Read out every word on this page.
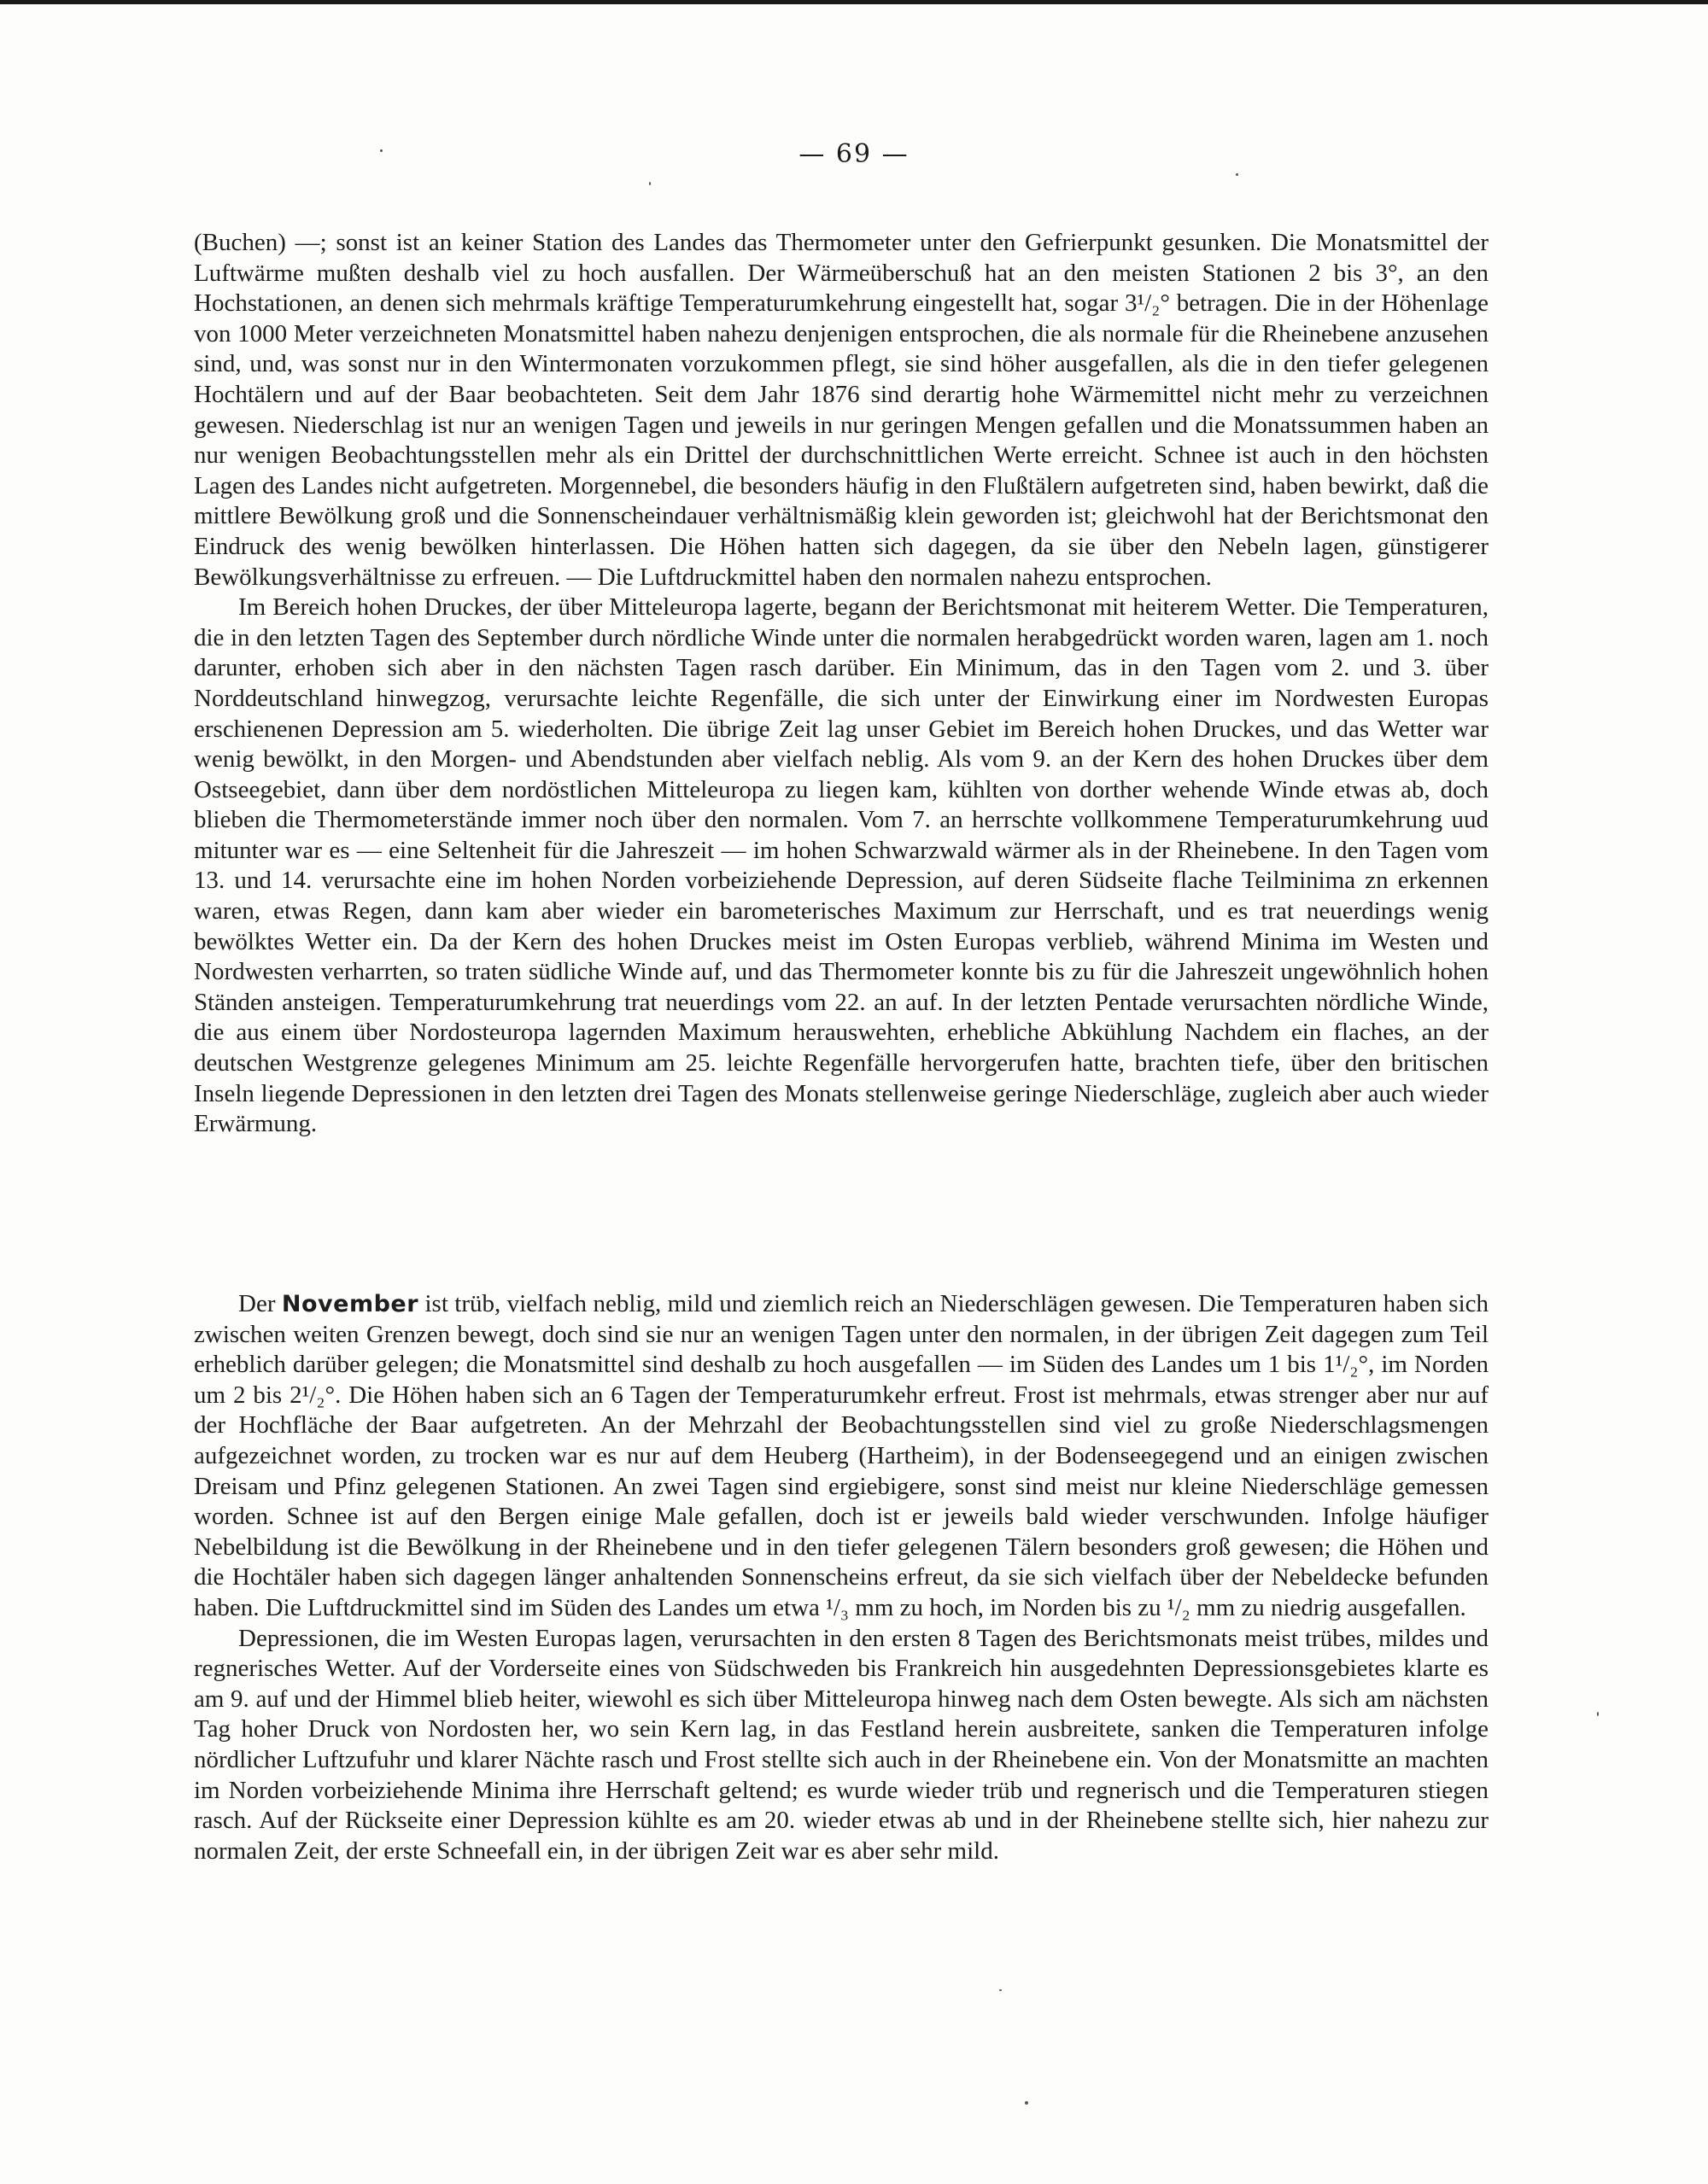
— 69 —

(Buchen) —; sonst ist an keiner Station des Landes das Thermometer unter den Gefrierpunkt gesunken. Die Monatsmittel der Luftwärme mußten deshalb viel zu hoch ausfallen. Der Wärmeüberschuß hat an den meisten Stationen 2 bis 3°, an den Hochstationen, an denen sich mehrmals kräftige Temperaturumkehrung eingestellt hat, sogar 3¹/₂° betragen. Die in der Höhenlage von 1000 Meter verzeichneten Monatsmittel haben nahezu denjenigen entsprochen, die als normale für die Rheinebene anzusehen sind, und, was sonst nur in den Wintermonaten vorzukommen pflegt, sie sind höher ausgefallen, als die in den tiefer gelegenen Hochtälern und auf der Baar beobachteten. Seit dem Jahr 1876 sind derartig hohe Wärmemittel nicht mehr zu verzeichnen gewesen. Niederschlag ist nur an wenigen Tagen und jeweils in nur geringen Mengen gefallen und die Monatssummen haben an nur wenigen Beobachtungsstellen mehr als ein Drittel der durchschnittlichen Werte erreicht. Schnee ist auch in den höchsten Lagen des Landes nicht aufgetreten. Morgennebel, die besonders häufig in den Flußtälern aufgetreten sind, haben bewirkt, daß die mittlere Bewölkung groß und die Sonnenscheindauer verhältnismäßig klein geworden ist; gleichwohl hat der Berichtsmonat den Eindruck des wenig bewölken hinterlassen. Die Höhen hatten sich dagegen, da sie über den Nebeln lagen, günstigerer Bewölkungsverhältnisse zu erfreuen. — Die Luftdruckmittel haben den normalen nahezu entsprochen.

Im Bereich hohen Druckes, der über Mitteleuropa lagerte, begann der Berichtsmonat mit heiterem Wetter. Die Temperaturen, die in den letzten Tagen des September durch nördliche Winde unter die normalen herabgedrückt worden waren, lagen am 1. noch darunter, erhoben sich aber in den nächsten Tagen rasch darüber. Ein Minimum, das in den Tagen vom 2. und 3. über Norddeutschland hinwegzog, verursachte leichte Regenfälle, die sich unter der Einwirkung einer im Nordwesten Europas erschienenen Depression am 5. wiederholten. Die übrige Zeit lag unser Gebiet im Bereich hohen Druckes, und das Wetter war wenig bewölkt, in den Morgen- und Abendstunden aber vielfach neblig. Als vom 9. an der Kern des hohen Druckes über dem Ostseegebiet, dann über dem nordöstlichen Mitteleuropa zu liegen kam, kühlten von dorther wehende Winde etwas ab, doch blieben die Thermometerstände immer noch über den normalen. Vom 7. an herrschte vollkommene Temperaturumkehrung uud mitunter war es — eine Seltenheit für die Jahreszeit — im hohen Schwarzwald wärmer als in der Rheinebene. In den Tagen vom 13. und 14. verursachte eine im hohen Norden vorbeiziehende Depression, auf deren Südseite flache Teilminima zn erkennen waren, etwas Regen, dann kam aber wieder ein barometerisches Maximum zur Herrschaft, und es trat neuerdings wenig bewölktes Wetter ein. Da der Kern des hohen Druckes meist im Osten Europas verblieb, während Minima im Westen und Nordwesten verharrten, so traten südliche Winde auf, und das Thermometer konnte bis zu für die Jahreszeit ungewöhnlich hohen Ständen ansteigen. Temperaturumkehrung trat neuerdings vom 22. an auf. In der letzten Pentade verursachten nördliche Winde, die aus einem über Nordosteuropa lagernden Maximum herauswehten, erhebliche Abkühlung Nachdem ein flaches, an der deutschen Westgrenze gelegenes Minimum am 25. leichte Regenfälle hervorgerufen hatte, brachten tiefe, über den britischen Inseln liegende Depressionen in den letzten drei Tagen des Monats stellenweise geringe Niederschläge, zugleich aber auch wieder Erwärmung.

Der November ist trüb, vielfach neblig, mild und ziemlich reich an Niederschlägen gewesen. Die Temperaturen haben sich zwischen weiten Grenzen bewegt, doch sind sie nur an wenigen Tagen unter den normalen, in der übrigen Zeit dagegen zum Teil erheblich darüber gelegen; die Monatsmittel sind deshalb zu hoch ausgefallen — im Süden des Landes um 1 bis 1¹/₂°, im Norden um 2 bis 2¹/₂°. Die Höhen haben sich an 6 Tagen der Temperaturumkehr erfreut. Frost ist mehrmals, etwas strenger aber nur auf der Hochfläche der Baar aufgetreten. An der Mehrzahl der Beobachtungsstellen sind viel zu große Niederschlagsmengen aufgezeichnet worden, zu trocken war es nur auf dem Heuberg (Hartheim), in der Bodenseegegend und an einigen zwischen Dreisam und Pfinz gelegenen Stationen. An zwei Tagen sind ergiebigere, sonst sind meist nur kleine Niederschläge gemessen worden. Schnee ist auf den Bergen einige Male gefallen, doch ist er jeweils bald wieder verschwunden. Infolge häufiger Nebelbildung ist die Bewölkung in der Rheinebene und in den tiefer gelegenen Tälern besonders groß gewesen; die Höhen und die Hochtäler haben sich dagegen länger anhaltenden Sonnenscheins erfreut, da sie sich vielfach über der Nebeldecke befunden haben. Die Luftdruckmittel sind im Süden des Landes um etwa ¹/₃ mm zu hoch, im Norden bis zu ¹/₂ mm zu niedrig ausgefallen.

Depressionen, die im Westen Europas lagen, verursachten in den ersten 8 Tagen des Berichtsmonats meist trübes, mildes und regnerisches Wetter. Auf der Vorderseite eines von Südschweden bis Frankreich hin ausgedehnten Depressionsgebietes klarte es am 9. auf und der Himmel blieb heiter, wiewohl es sich über Mitteleuropa hinweg nach dem Osten bewegte. Als sich am nächsten Tag hoher Druck von Nordosten her, wo sein Kern lag, in das Festland herein ausbreitete, sanken die Temperaturen infolge nördlicher Luftzufuhr und klarer Nächte rasch und Frost stellte sich auch in der Rheinebene ein. Von der Monatsmitte an machten im Norden vorbeiziehende Minima ihre Herrschaft geltend; es wurde wieder trüb und regnerisch und die Temperaturen stiegen rasch. Auf der Rückseite einer Depression kühlte es am 20. wieder etwas ab und in der Rheinebene stellte sich, hier nahezu zur normalen Zeit, der erste Schneefall ein, in der übrigen Zeit war es aber sehr mild.
